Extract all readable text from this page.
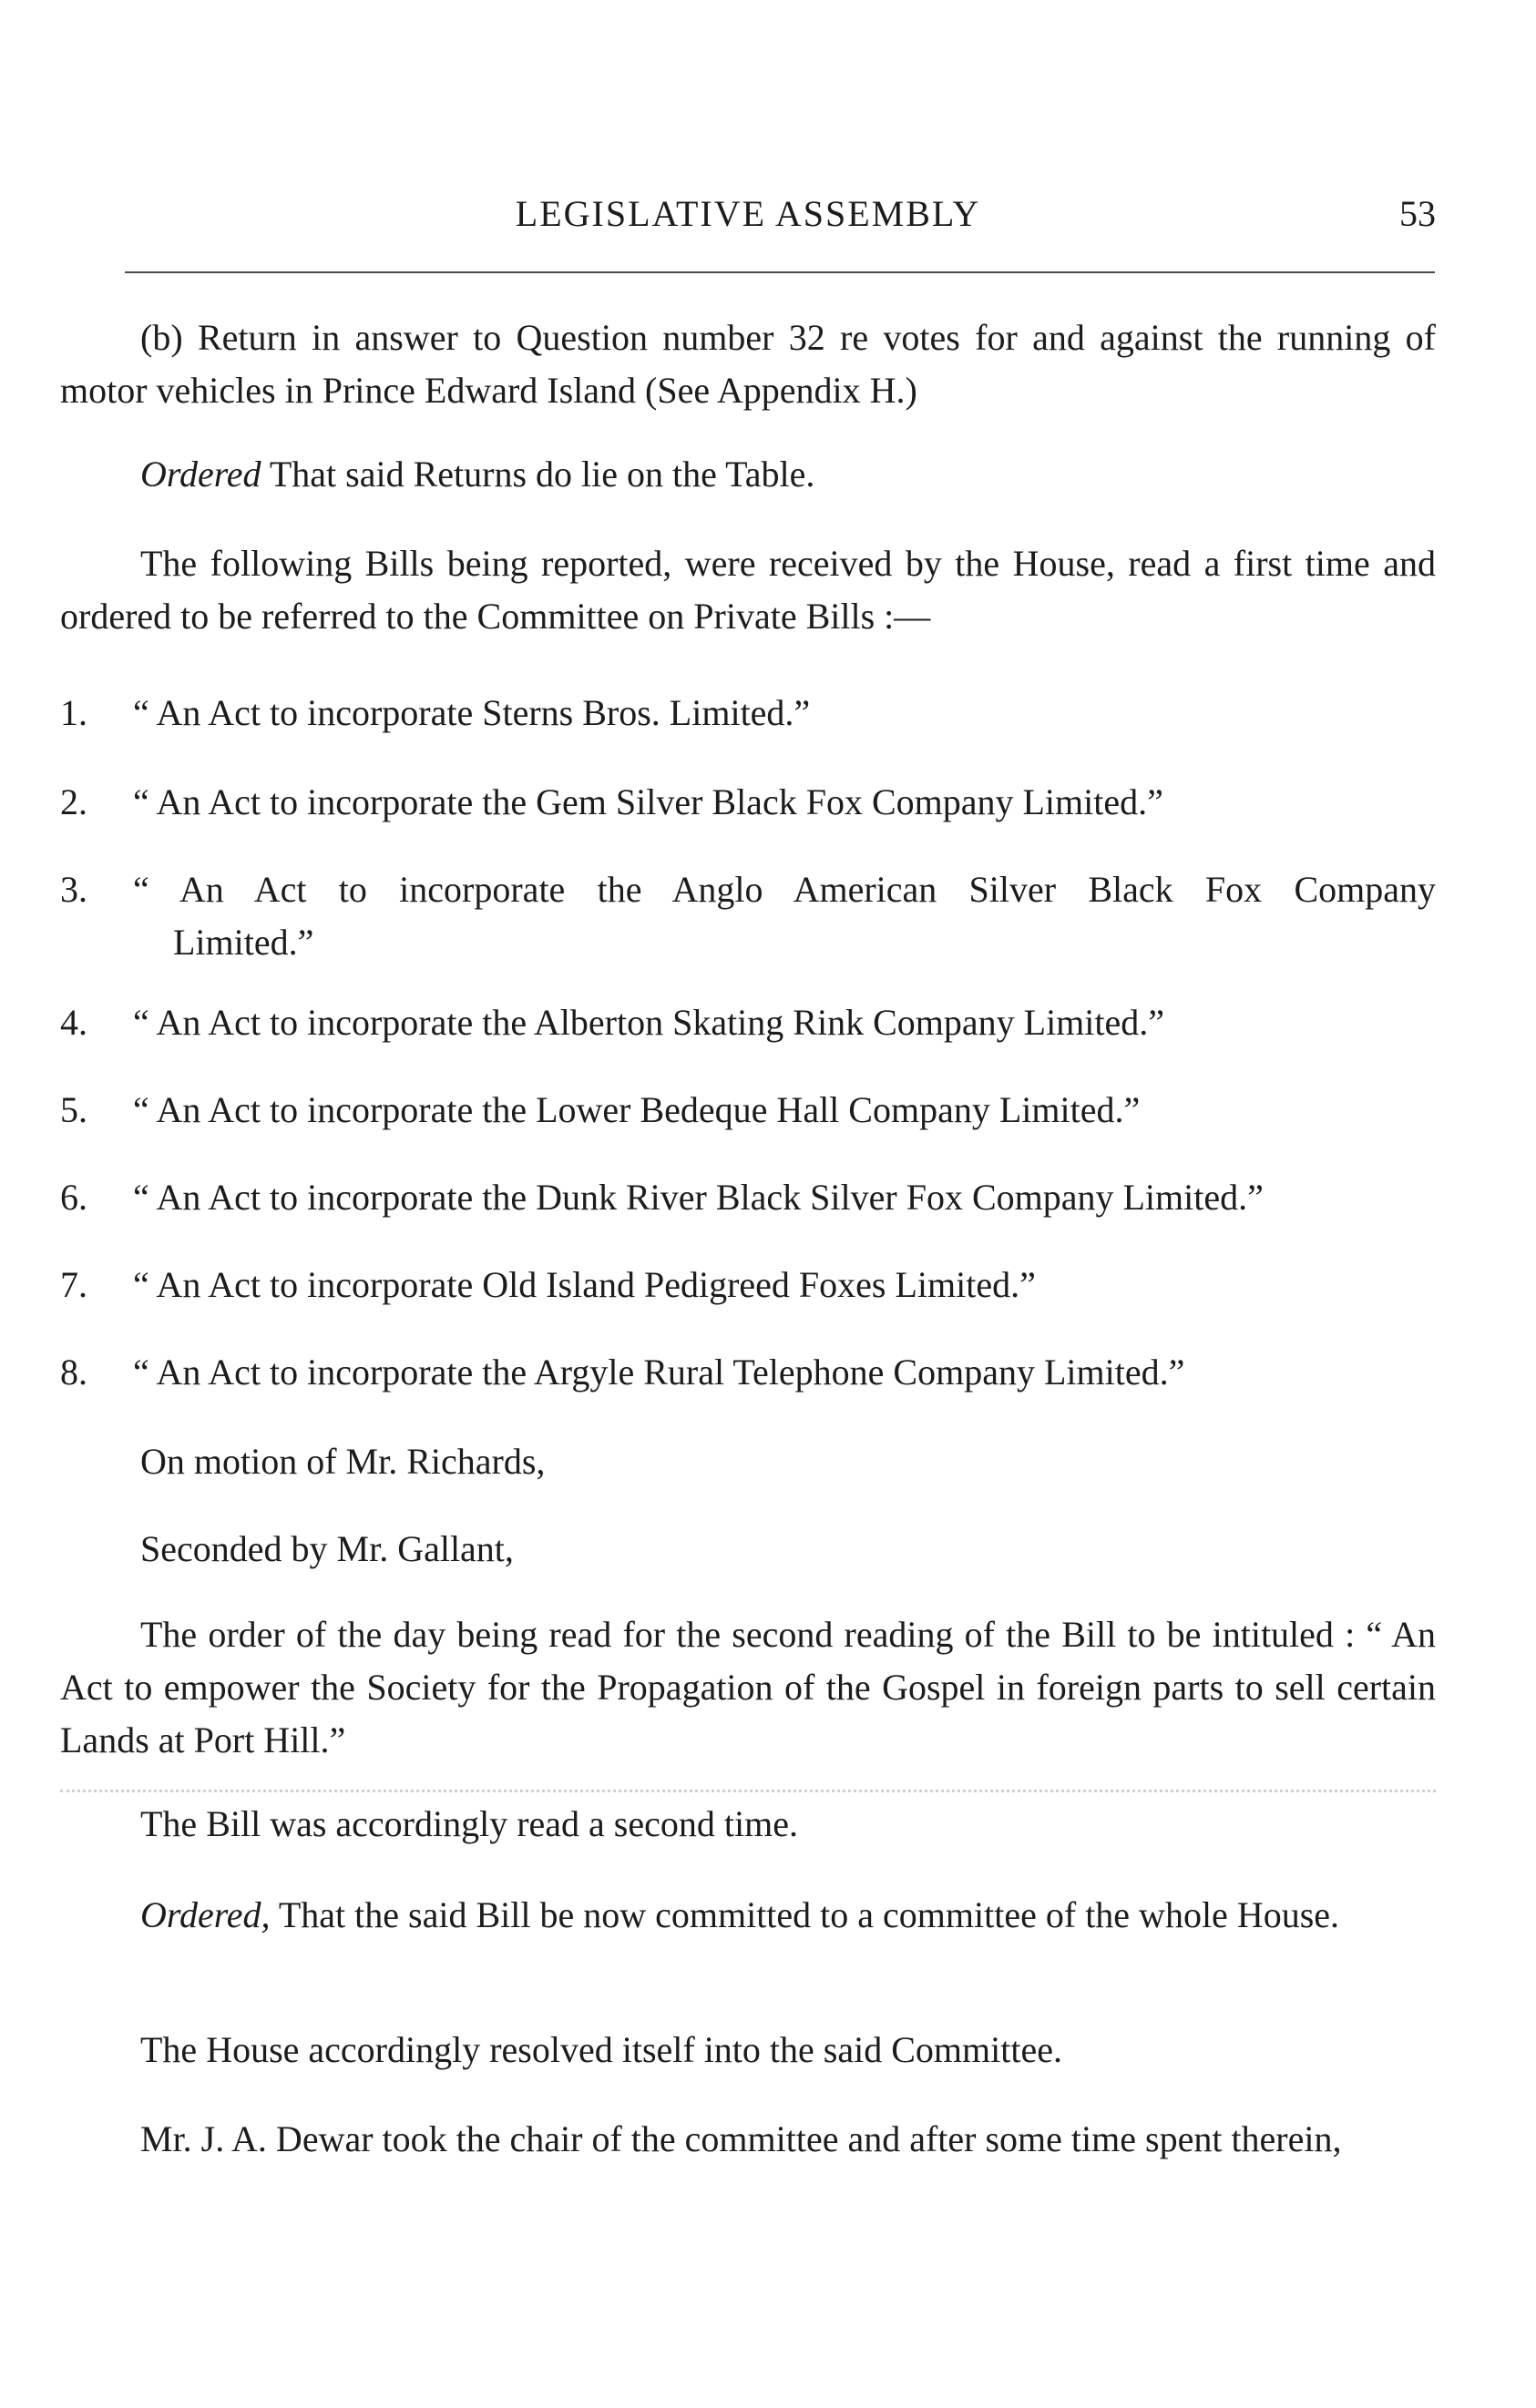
LEGISLATIVE ASSEMBLY	53

(b) Return in answer to Question number 32 re votes for and against the running of motor vehicles in Prince Edward Island (See Appendix H.)

Ordered That said Returns do lie on the Table.

The following Bills being reported, were received by the House, read a first time and ordered to be referred to the Committee on Private Bills :—

1.	“ An Act to incorporate Sterns Bros. Limited.”
2.	“ An Act to incorporate the Gem Silver Black Fox Company Limited.”
3.	“ An Act to incorporate the Anglo American Silver Black Fox Company
Limited.”
4.	“ An Act to incorporate the Alberton Skating Rink Company Limited.”
5.	“ An Act to incorporate the Lower Bedeque Hall Company Limited.”
6.	“ An Act to incorporate the Dunk River Black Silver Fox Company Limited.”
7.	“ An Act to incorporate Old Island Pedigreed Foxes Limited.”
8.	“ An Act to incorporate the Argyle Rural Telephone Company Limited.”

On motion of Mr. Richards,

Seconded by Mr. Gallant,

The order of the day being read for the second reading of the Bill to be intituled : “ An Act to empower the Society for the Propagation of the Gospel in foreign parts to sell certain Lands at Port Hill.”

The Bill was accordingly read a second time.

Ordered, That the said Bill be now committed to a committee of the whole House.

The House accordingly resolved itself into the said Committee.

Mr. J. A. Dewar took the chair of the committee and after some time spent therein,
